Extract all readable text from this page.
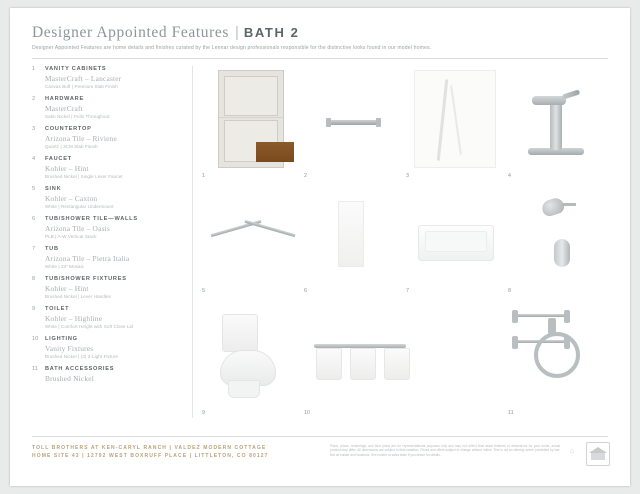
Designer Appointed Features | BATH 2
Designer Appointed Features are home details and finishes curated by the Lennar design professionals responsible for the distinctive looks found in our model homes.
1 VANITY CABINETS
MasterCraft – Lancaster
Canvas Buff | Premium Slab Finish
2 HARDWARE
MasterCraft
Satin Nickel | Pulls Throughout
3 COUNTERTOP
Arizona Tile – Riviene
Quartz | 3CM Slab Finish
4 FAUCET
Kohler – Hint
Brushed Nickel | Single Lever Faucet
5 SINK
Kohler – Caxton
White | Rectangular Undermount
6 TUB/SHOWER TILE—WALLS
Arizona Tile – Oasis
PLB | A-W Vertical Stack
7 TUB
Arizona Tile – Pietra Italia
White | 24″ Mosaic
8 TUB/SHOWER FIXTURES
Kohler – Hint
Brushed Nickel | Lever Handles
9 TOILET
Kohler – Highline
White | Comfort Height with Soft Close Lid
10 LIGHTING
Vanity Fixtures
Brushed Nickel | (3) 3-Light Fixture
11 BATH ACCESSORIES
Brushed Nickel
1	2	3	4
5	6	7	8
9	10	11
TOLL BROTHERS AT KEN-CARYL RANCH | VALDEZ MODERN COTTAGE
HOME SITE 43 | 12792 WEST BOXRUFF PLACE | LITTLETON, CO 80127
Plans, prices, renderings, and floor plans are for representational purposes only and may not reflect final asset features or dimensions for your home, actual product may differ. All dimensions are subject to field variation. Prices and offers subject to change without notice. This is not an offering where prohibited by law. Not all builder and locations. See builder or sales team if you desire for details.	⌂
